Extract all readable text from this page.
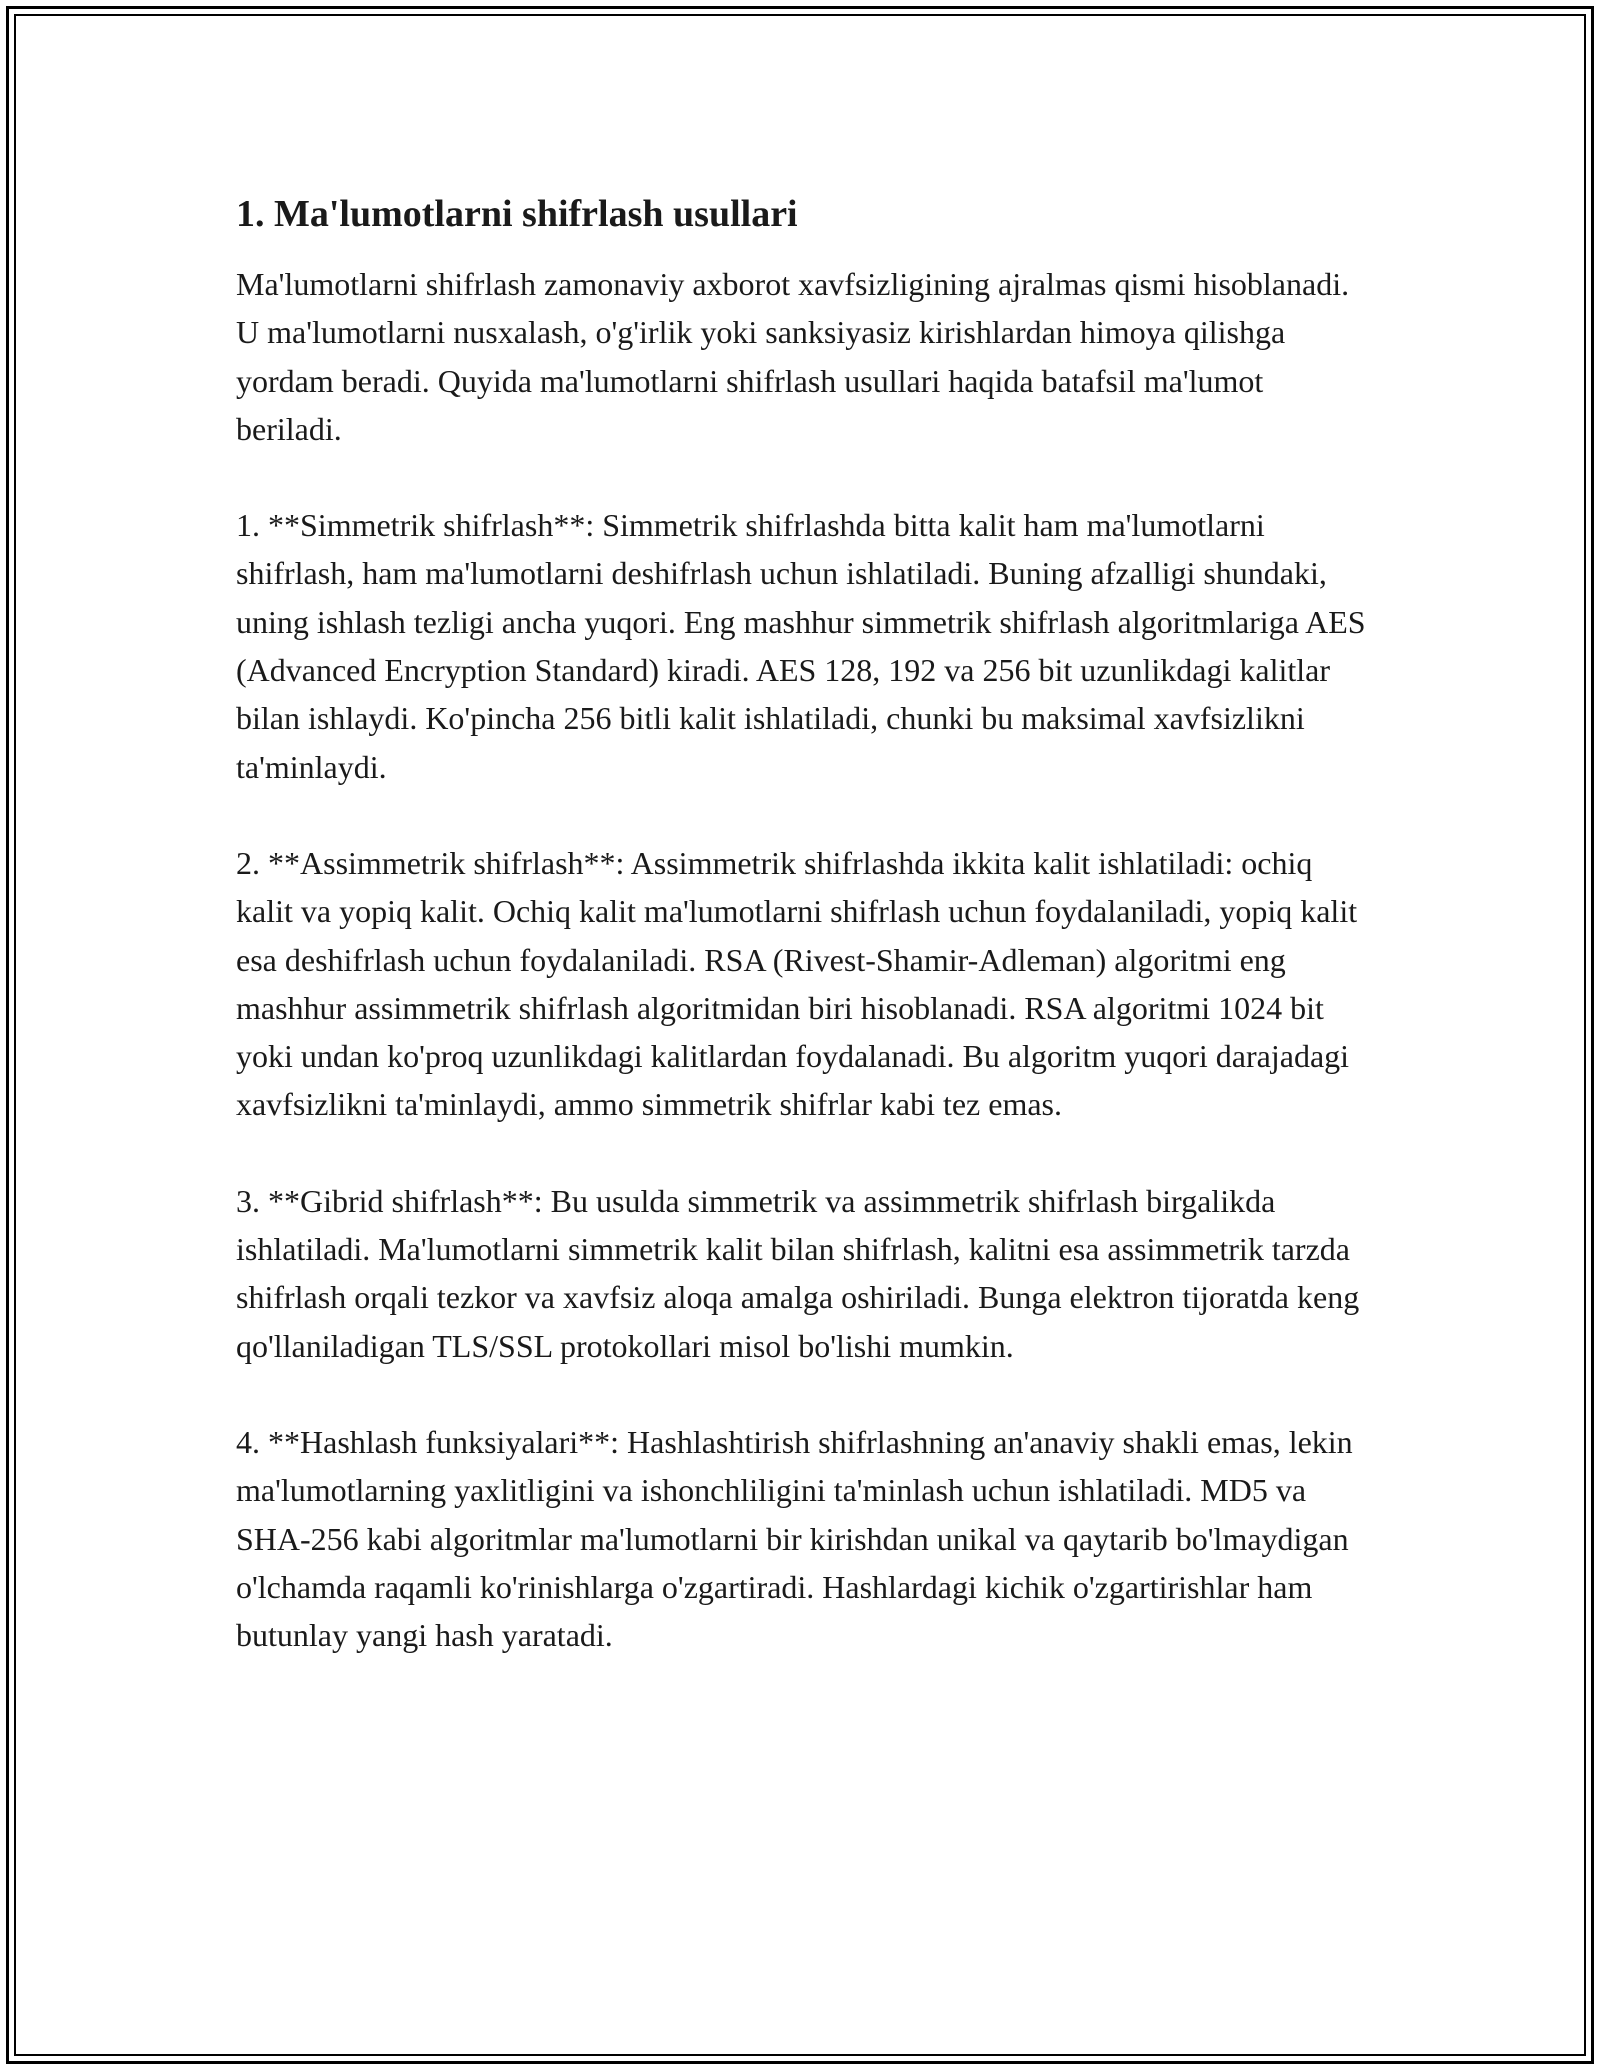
1. Ma'lumotlarni shifrlash usullari

Ma'lumotlarni shifrlash zamonaviy axborot xavfsizligining ajralmas qismi hisoblanadi. U ma'lumotlarni nusxalash, o'g'irlik yoki sanksiyasiz kirishlardan himoya qilishga yordam beradi. Quyida ma'lumotlarni shifrlash usullari haqida batafsil ma'lumot beriladi.

1. **Simmetrik shifrlash**: Simmetrik shifrlashda bitta kalit ham ma'lumotlarni shifrlash, ham ma'lumotlarni deshifrlash uchun ishlatiladi. Buning afzalligi shundaki, uning ishlash tezligi ancha yuqori. Eng mashhur simmetrik shifrlash algoritmlariga AES (Advanced Encryption Standard) kiradi. AES 128, 192 va 256 bit uzunlikdagi kalitlar bilan ishlaydi. Ko'pincha 256 bitli kalit ishlatiladi, chunki bu maksimal xavfsizlikni ta'minlaydi.

2. **Assimmetrik shifrlash**: Assimmetrik shifrlashda ikkita kalit ishlatiladi: ochiq kalit va yopiq kalit. Ochiq kalit ma'lumotlarni shifrlash uchun foydalaniladi, yopiq kalit esa deshifrlash uchun foydalaniladi. RSA (Rivest-Shamir-Adleman) algoritmi eng mashhur assimmetrik shifrlash algoritmidan biri hisoblanadi. RSA algoritmi 1024 bit yoki undan ko'proq uzunlikdagi kalitlardan foydalanadi. Bu algoritm yuqori darajadagi xavfsizlikni ta'minlaydi, ammo simmetrik shifrlar kabi tez emas.

3. **Gibrid shifrlash**: Bu usulda simmetrik va assimmetrik shifrlash birgalikda ishlatiladi. Ma'lumotlarni simmetrik kalit bilan shifrlash, kalitni esa assimmetrik tarzda shifrlash orqali tezkor va xavfsiz aloqa amalga oshiriladi. Bunga elektron tijoratda keng qo'llaniladigan TLS/SSL protokollari misol bo'lishi mumkin.

4. **Hashlash funksiyalari**: Hashlashtirish shifrlashning an'anaviy shakli emas, lekin ma'lumotlarning yaxlitligini va ishonchliligini ta'minlash uchun ishlatiladi. MD5 va SHA-256 kabi algoritmlar ma'lumotlarni bir kirishdan unikal va qaytarib bo'lmaydigan o'lchamda raqamli ko'rinishlarga o'zgartiradi. Hashlardagi kichik o'zgartirishlar ham butunlay yangi hash yaratadi.
